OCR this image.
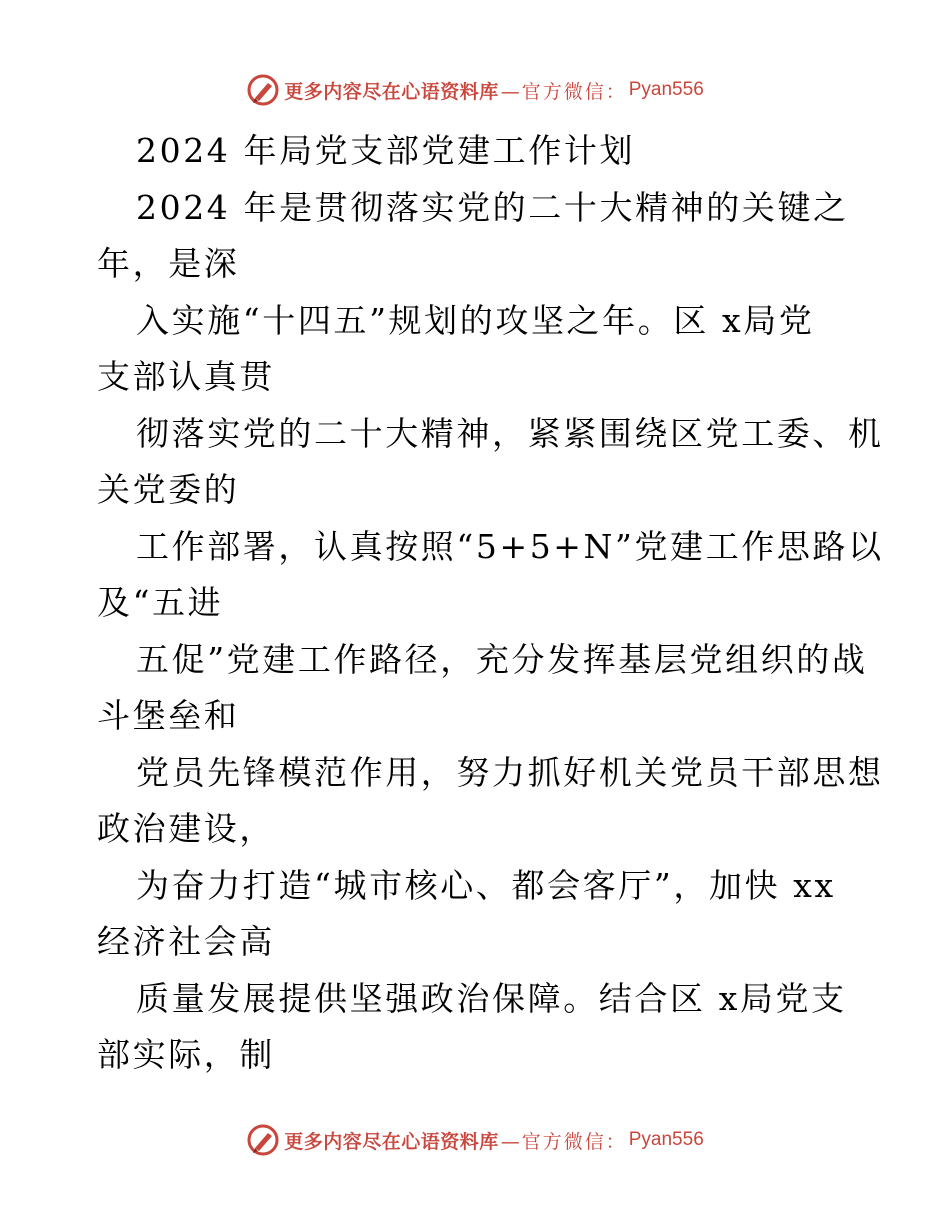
更多内容尽在心语资料库 —官方微信： Pyan556
2024 年局党支部党建工作计划
2024 年是贯彻落实党的二十大精神的关键之
年，是深
入实施“十四五”规划的攻坚之年。区 x局党
支部认真贯
彻落实党的二十大精神，紧紧围绕区党工委、机
关党委的
工作部署，认真按照“5+5+N”党建工作思路以
及“五进
五促”党建工作路径，充分发挥基层党组织的战
斗堡垒和
党员先锋模范作用，努力抓好机关党员干部思想
政治建设，
为奋力打造“城市核心、都会客厅”，加快 xx
经济社会高
质量发展提供坚强政治保障。结合区 x局党支
部实际，制
更多内容尽在心语资料库 —官方微信： Pyan556
